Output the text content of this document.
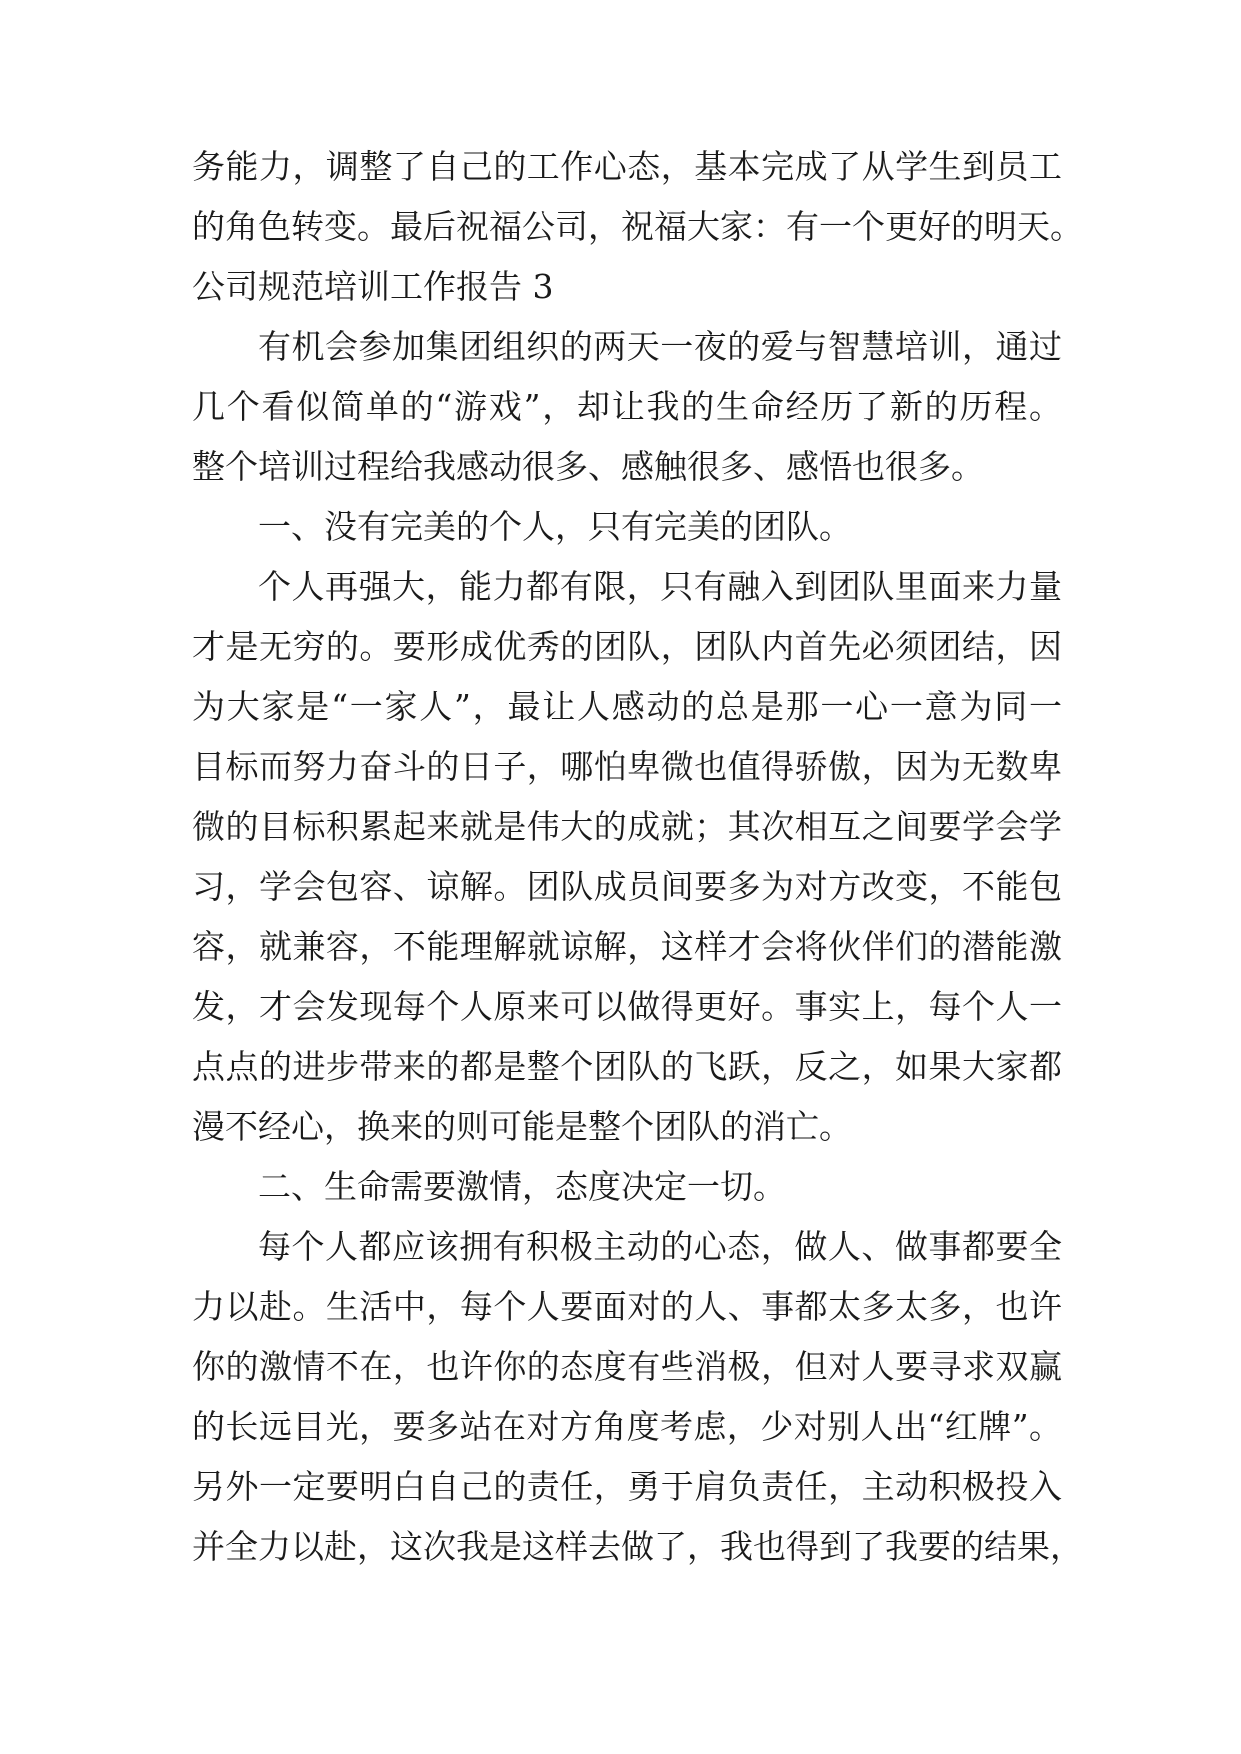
务能力，调整了自己的工作心态，基本完成了从学生到员工
的角色转变。最后祝福公司，祝福大家：有一个更好的明天。
公司规范培训工作报告 3
有机会参加集团组织的两天一夜的爱与智慧培训，通过
几个看似简单的“游戏”，却让我的生命经历了新的历程。
整个培训过程给我感动很多、感触很多、感悟也很多。
一、没有完美的个人，只有完美的团队。
个人再强大，能力都有限，只有融入到团队里面来力量
才是无穷的。要形成优秀的团队，团队内首先必须团结，因
为大家是“一家人”，最让人感动的总是那一心一意为同一
目标而努力奋斗的日子，哪怕卑微也值得骄傲，因为无数卑
微的目标积累起来就是伟大的成就；其次相互之间要学会学
习，学会包容、谅解。团队成员间要多为对方改变，不能包
容，就兼容，不能理解就谅解，这样才会将伙伴们的潜能激
发，才会发现每个人原来可以做得更好。事实上，每个人一
点点的进步带来的都是整个团队的飞跃，反之，如果大家都
漫不经心，换来的则可能是整个团队的消亡。
二、生命需要激情，态度决定一切。
每个人都应该拥有积极主动的心态，做人、做事都要全
力以赴。生活中，每个人要面对的人、事都太多太多，也许
你的激情不在，也许你的态度有些消极，但对人要寻求双赢
的长远目光，要多站在对方角度考虑，少对别人出“红牌”。
另外一定要明白自己的责任，勇于肩负责任，主动积极投入
并全力以赴，这次我是这样去做了，我也得到了我要的结果，
